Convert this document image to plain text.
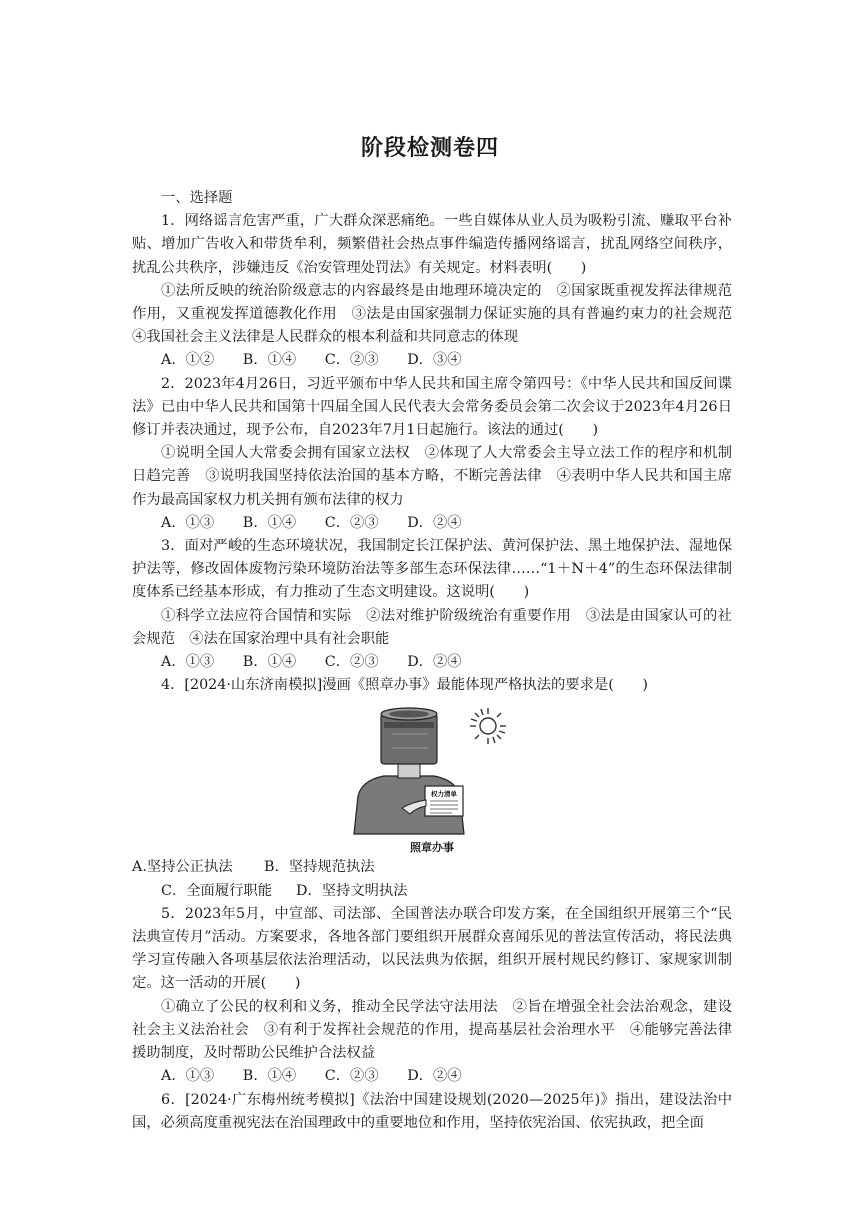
阶段检测卷四

一、选择题

1．网络谣言危害严重，广大群众深恶痛绝。一些自媒体从业人员为吸粉引流、赚取平台补贴、增加广告收入和带货牟利，频繁借社会热点事件编造传播网络谣言，扰乱网络空间秩序，扰乱公共秩序，涉嫌违反《治安管理处罚法》有关规定。材料表明(　　)

①法所反映的统治阶级意志的内容最终是由地理环境决定的　②国家既重视发挥法律规范作用，又重视发挥道德教化作用　③法是由国家强制力保证实施的具有普遍约束力的社会规范　④我国社会主义法律是人民群众的根本利益和共同意志的体现

A．①②　　B．①④　　C．②③　　D．③④

2．2023年4月26日，习近平颁布中华人民共和国主席令第四号：《中华人民共和国反间谍法》已由中华人民共和国第十四届全国人民代表大会常务委员会第二次会议于2023年4月26日修订并表决通过，现予公布，自2023年7月1日起施行。该法的通过(　　)

①说明全国人大常委会拥有国家立法权　②体现了人大常委会主导立法工作的程序和机制日趋完善　③说明我国坚持依法治国的基本方略，不断完善法律　④表明中华人民共和国主席作为最高国家权力机关拥有颁布法律的权力

A．①③　　B．①④　　C．②③　　D．②④

3．面对严峻的生态环境状况，我国制定长江保护法、黄河保护法、黑土地保护法、湿地保护法等，修改固体废物污染环境防治法等多部生态环保法律……“1＋N＋4”的生态环保法律制度体系已经基本形成，有力推动了生态文明建设。这说明(　　)

①科学立法应符合国情和实际　②法对维护阶级统治有重要作用　③法是由国家认可的社会规范　④法在国家治理中具有社会职能

A．①③　　B．①④　　C．②③　　D．②④

4．[2024·山东济南模拟]漫画《照章办事》最能体现严格执法的要求是(　　)

权力清单
照章办事

A.坚持公正执法 B．坚持规范执法

C．全面履行职能 D．坚持文明执法

5．2023年5月，中宣部、司法部、全国普法办联合印发方案，在全国组织开展第三个“民法典宣传月”活动。方案要求，各地各部门要组织开展群众喜闻乐见的普法宣传活动，将民法典学习宣传融入各项基层依法治理活动，以民法典为依据，组织开展村规民约修订、家规家训制定。这一活动的开展(　　)

①确立了公民的权利和义务，推动全民学法守法用法　②旨在增强全社会法治观念，建设社会主义法治社会　③有利于发挥社会规范的作用，提高基层社会治理水平　④能够完善法律援助制度，及时帮助公民维护合法权益

A．①③　　B．①④　　C．②③　　D．②④

6．[2024·广东梅州统考模拟]《法治中国建设规划(2020—2025年)》指出，建设法治中国，必须高度重视宪法在治国理政中的重要地位和作用，坚持依宪治国、依宪执政，把全面
